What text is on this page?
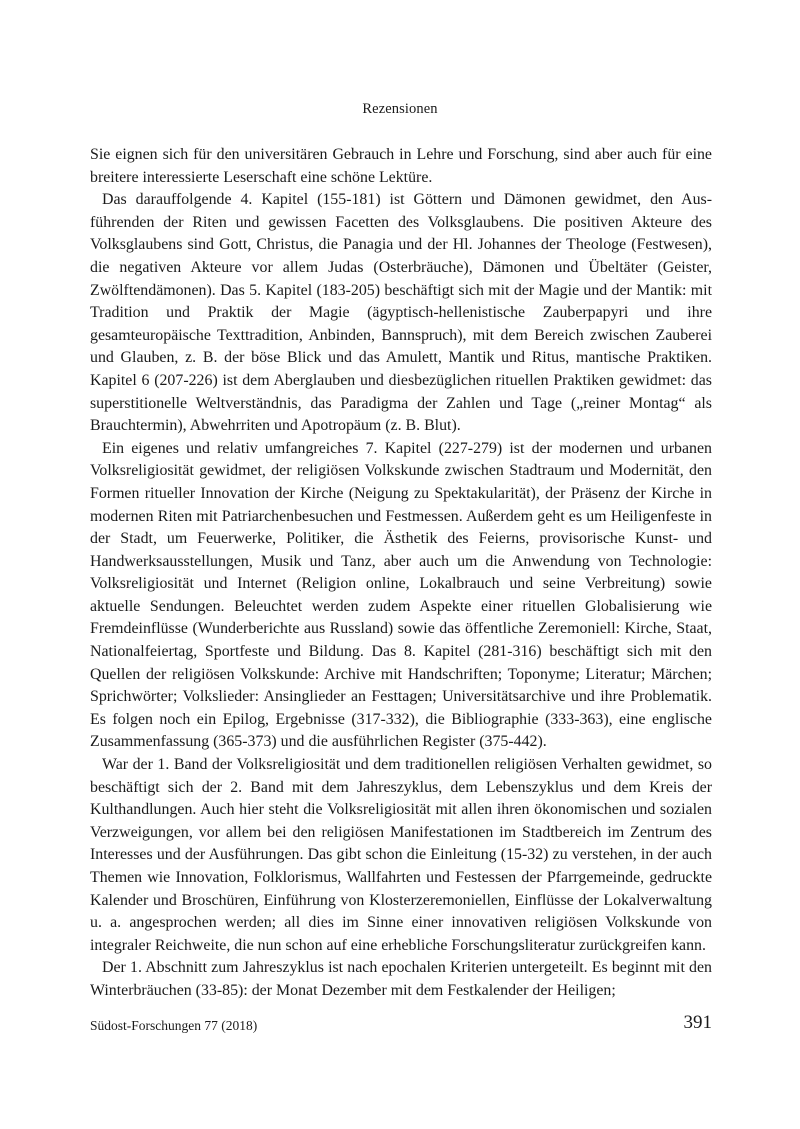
Rezensionen

Sie eignen sich für den universitären Gebrauch in Lehre und Forschung, sind aber auch für eine breitere interessierte Leserschaft eine schöne Lektüre.

Das darauffolgende 4. Kapitel (155-181) ist Göttern und Dämonen gewidmet, den Ausführenden der Riten und gewissen Facetten des Volksglaubens. Die positiven Akteure des Volksglaubens sind Gott, Christus, die Panagia und der Hl. Johannes der Theologe (Festwesen), die negativen Akteure vor allem Judas (Osterbräuche), Dämonen und Übeltäter (Geister, Zwölftendämonen). Das 5. Kapitel (183-205) beschäftigt sich mit der Magie und der Mantik: mit Tradition und Praktik der Magie (ägyptisch-hellenistische Zauberpapyri und ihre gesamteuropäische Texttradition, Anbinden, Bannspruch), mit dem Bereich zwischen Zauberei und Glauben, z. B. der böse Blick und das Amulett, Mantik und Ritus, mantische Praktiken. Kapitel 6 (207-226) ist dem Aberglauben und diesbezüglichen rituellen Praktiken gewidmet: das superstitionelle Weltverständnis, das Paradigma der Zahlen und Tage („reiner Montag“ als Brauchtermin), Abwehrriten und Apotropäum (z. B. Blut).

Ein eigenes und relativ umfangreiches 7. Kapitel (227-279) ist der modernen und urbanen Volksreligiosität gewidmet, der religiösen Volkskunde zwischen Stadtraum und Modernität, den Formen ritueller Innovation der Kirche (Neigung zu Spektakularität), der Präsenz der Kirche in modernen Riten mit Patriarchenbesuchen und Festmessen. Außerdem geht es um Heiligenfeste in der Stadt, um Feuerwerke, Politiker, die Ästhetik des Feierns, provisorische Kunst- und Handwerksausstellungen, Musik und Tanz, aber auch um die Anwendung von Technologie: Volksreligiosität und Internet (Religion online, Lokalbrauch und seine Verbreitung) sowie aktuelle Sendungen. Beleuchtet werden zudem Aspekte einer rituellen Globalisierung wie Fremdeinflüsse (Wunderberichte aus Russland) sowie das öffentliche Zeremoniell: Kirche, Staat, Nationalfeiertag, Sportfeste und Bildung. Das 8. Kapitel (281-316) beschäftigt sich mit den Quellen der religiösen Volkskunde: Archive mit Handschriften; Toponyme; Literatur; Märchen; Sprichwörter; Volkslieder: Ansinglieder an Festtagen; Universitätsarchive und ihre Problematik. Es folgen noch ein Epilog, Ergebnisse (317-332), die Bibliographie (333-363), eine englische Zusammenfassung (365-373) und die ausführlichen Register (375-442).

War der 1. Band der Volksreligiosität und dem traditionellen religiösen Verhalten gewidmet, so beschäftigt sich der 2. Band mit dem Jahreszyklus, dem Lebenszyklus und dem Kreis der Kulthandlungen. Auch hier steht die Volksreligiosität mit allen ihren ökonomischen und sozialen Verzweigungen, vor allem bei den religiösen Manifestationen im Stadtbereich im Zentrum des Interesses und der Ausführungen. Das gibt schon die Einleitung (15-32) zu verstehen, in der auch Themen wie Innovation, Folklorismus, Wallfahrten und Festessen der Pfarrgemeinde, gedruckte Kalender und Broschüren, Einführung von Klosterzeremoniellen, Einflüsse der Lokalverwaltung u. a. angesprochen werden; all dies im Sinne einer innovativen religiösen Volkskunde von integraler Reichweite, die nun schon auf eine erhebliche Forschungsliteratur zurückgreifen kann.

Der 1. Abschnitt zum Jahreszyklus ist nach epochalen Kriterien untergeteilt. Es beginnt mit den Winterbräuchen (33-85): der Monat Dezember mit dem Festkalender der Heiligen;

Südost-Forschungen 77 (2018)	391
